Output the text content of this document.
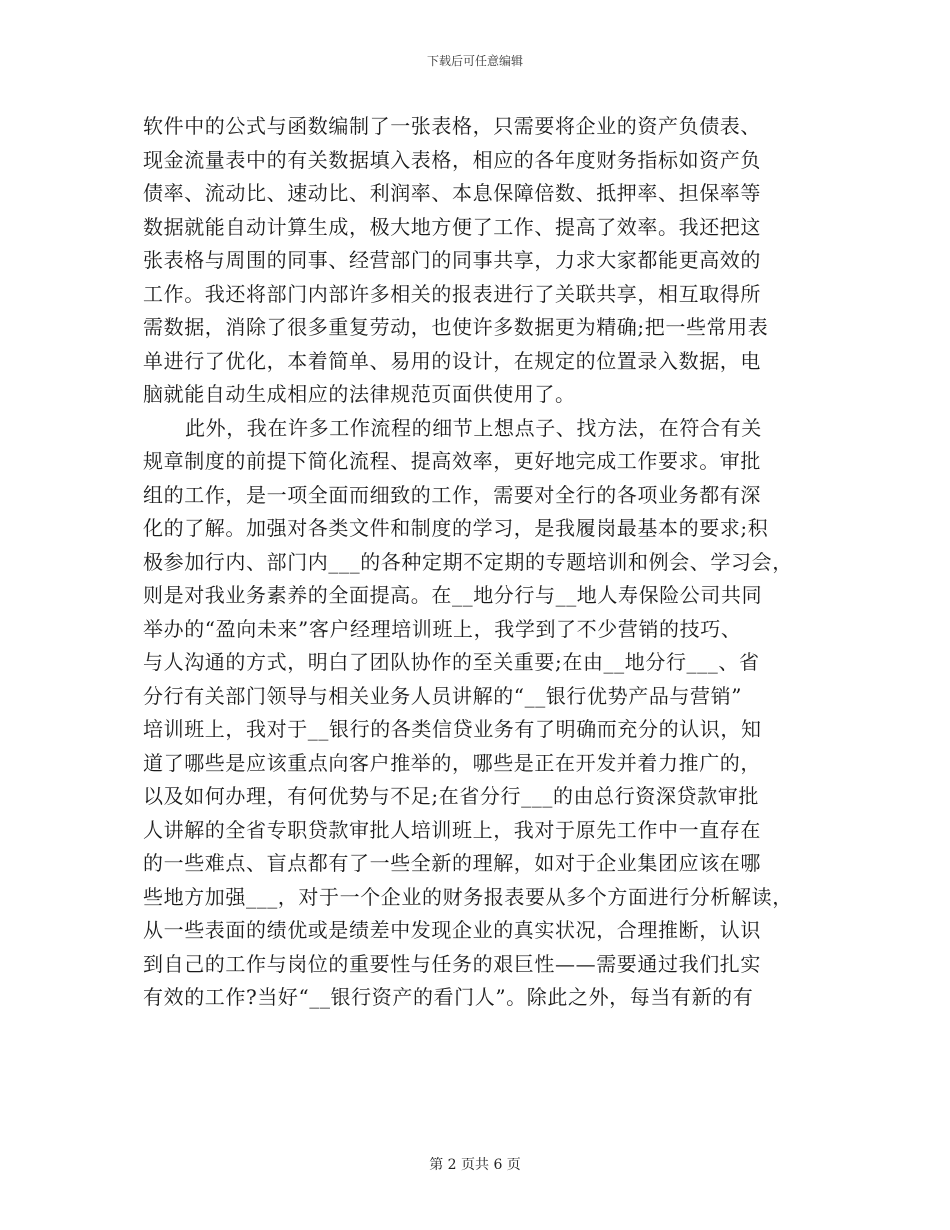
下载后可任意编辑
软件中的公式与函数编制了一张表格，只需要将企业的资产负债表、
现金流量表中的有关数据填入表格，相应的各年度财务指标如资产负
债率、流动比、速动比、利润率、本息保障倍数、抵押率、担保率等
数据就能自动计算生成，极大地方便了工作、提高了效率。我还把这
张表格与周围的同事、经营部门的同事共享，力求大家都能更高效的
工作。我还将部门内部许多相关的报表进行了关联共享，相互取得所
需数据，消除了很多重复劳动，也使许多数据更为精确;把一些常用表
单进行了优化，本着简单、易用的设计，在规定的位置录入数据，电
脑就能自动生成相应的法律规范页面供使用了。
此外，我在许多工作流程的细节上想点子、找方法，在符合有关
规章制度的前提下简化流程、提高效率，更好地完成工作要求。审批
组的工作，是一项全面而细致的工作，需要对全行的各项业务都有深
化的了解。加强对各类文件和制度的学习，是我履岗最基本的要求;积
极参加行内、部门内___的各种定期不定期的专题培训和例会、学习会，
则是对我业务素养的全面提高。在__地分行与__地人寿保险公司共同
举办的“盈向未来”客户经理培训班上，我学到了不少营销的技巧、
与人沟通的方式，明白了团队协作的至关重要;在由__地分行___、省
分行有关部门领导与相关业务人员讲解的“__银行优势产品与营销”
培训班上，我对于__银行的各类信贷业务有了明确而充分的认识，知
道了哪些是应该重点向客户推举的，哪些是正在开发并着力推广的，
以及如何办理，有何优势与不足;在省分行___的由总行资深贷款审批
人讲解的全省专职贷款审批人培训班上，我对于原先工作中一直存在
的一些难点、盲点都有了一些全新的理解，如对于企业集团应该在哪
些地方加强___，对于一个企业的财务报表要从多个方面进行分析解读，
从一些表面的绩优或是绩差中发现企业的真实状况，合理推断，认识
到自己的工作与岗位的重要性与任务的艰巨性——需要通过我们扎实
有效的工作?当好“__银行资产的看门人”。除此之外，每当有新的有
第 2 页共 6 页
